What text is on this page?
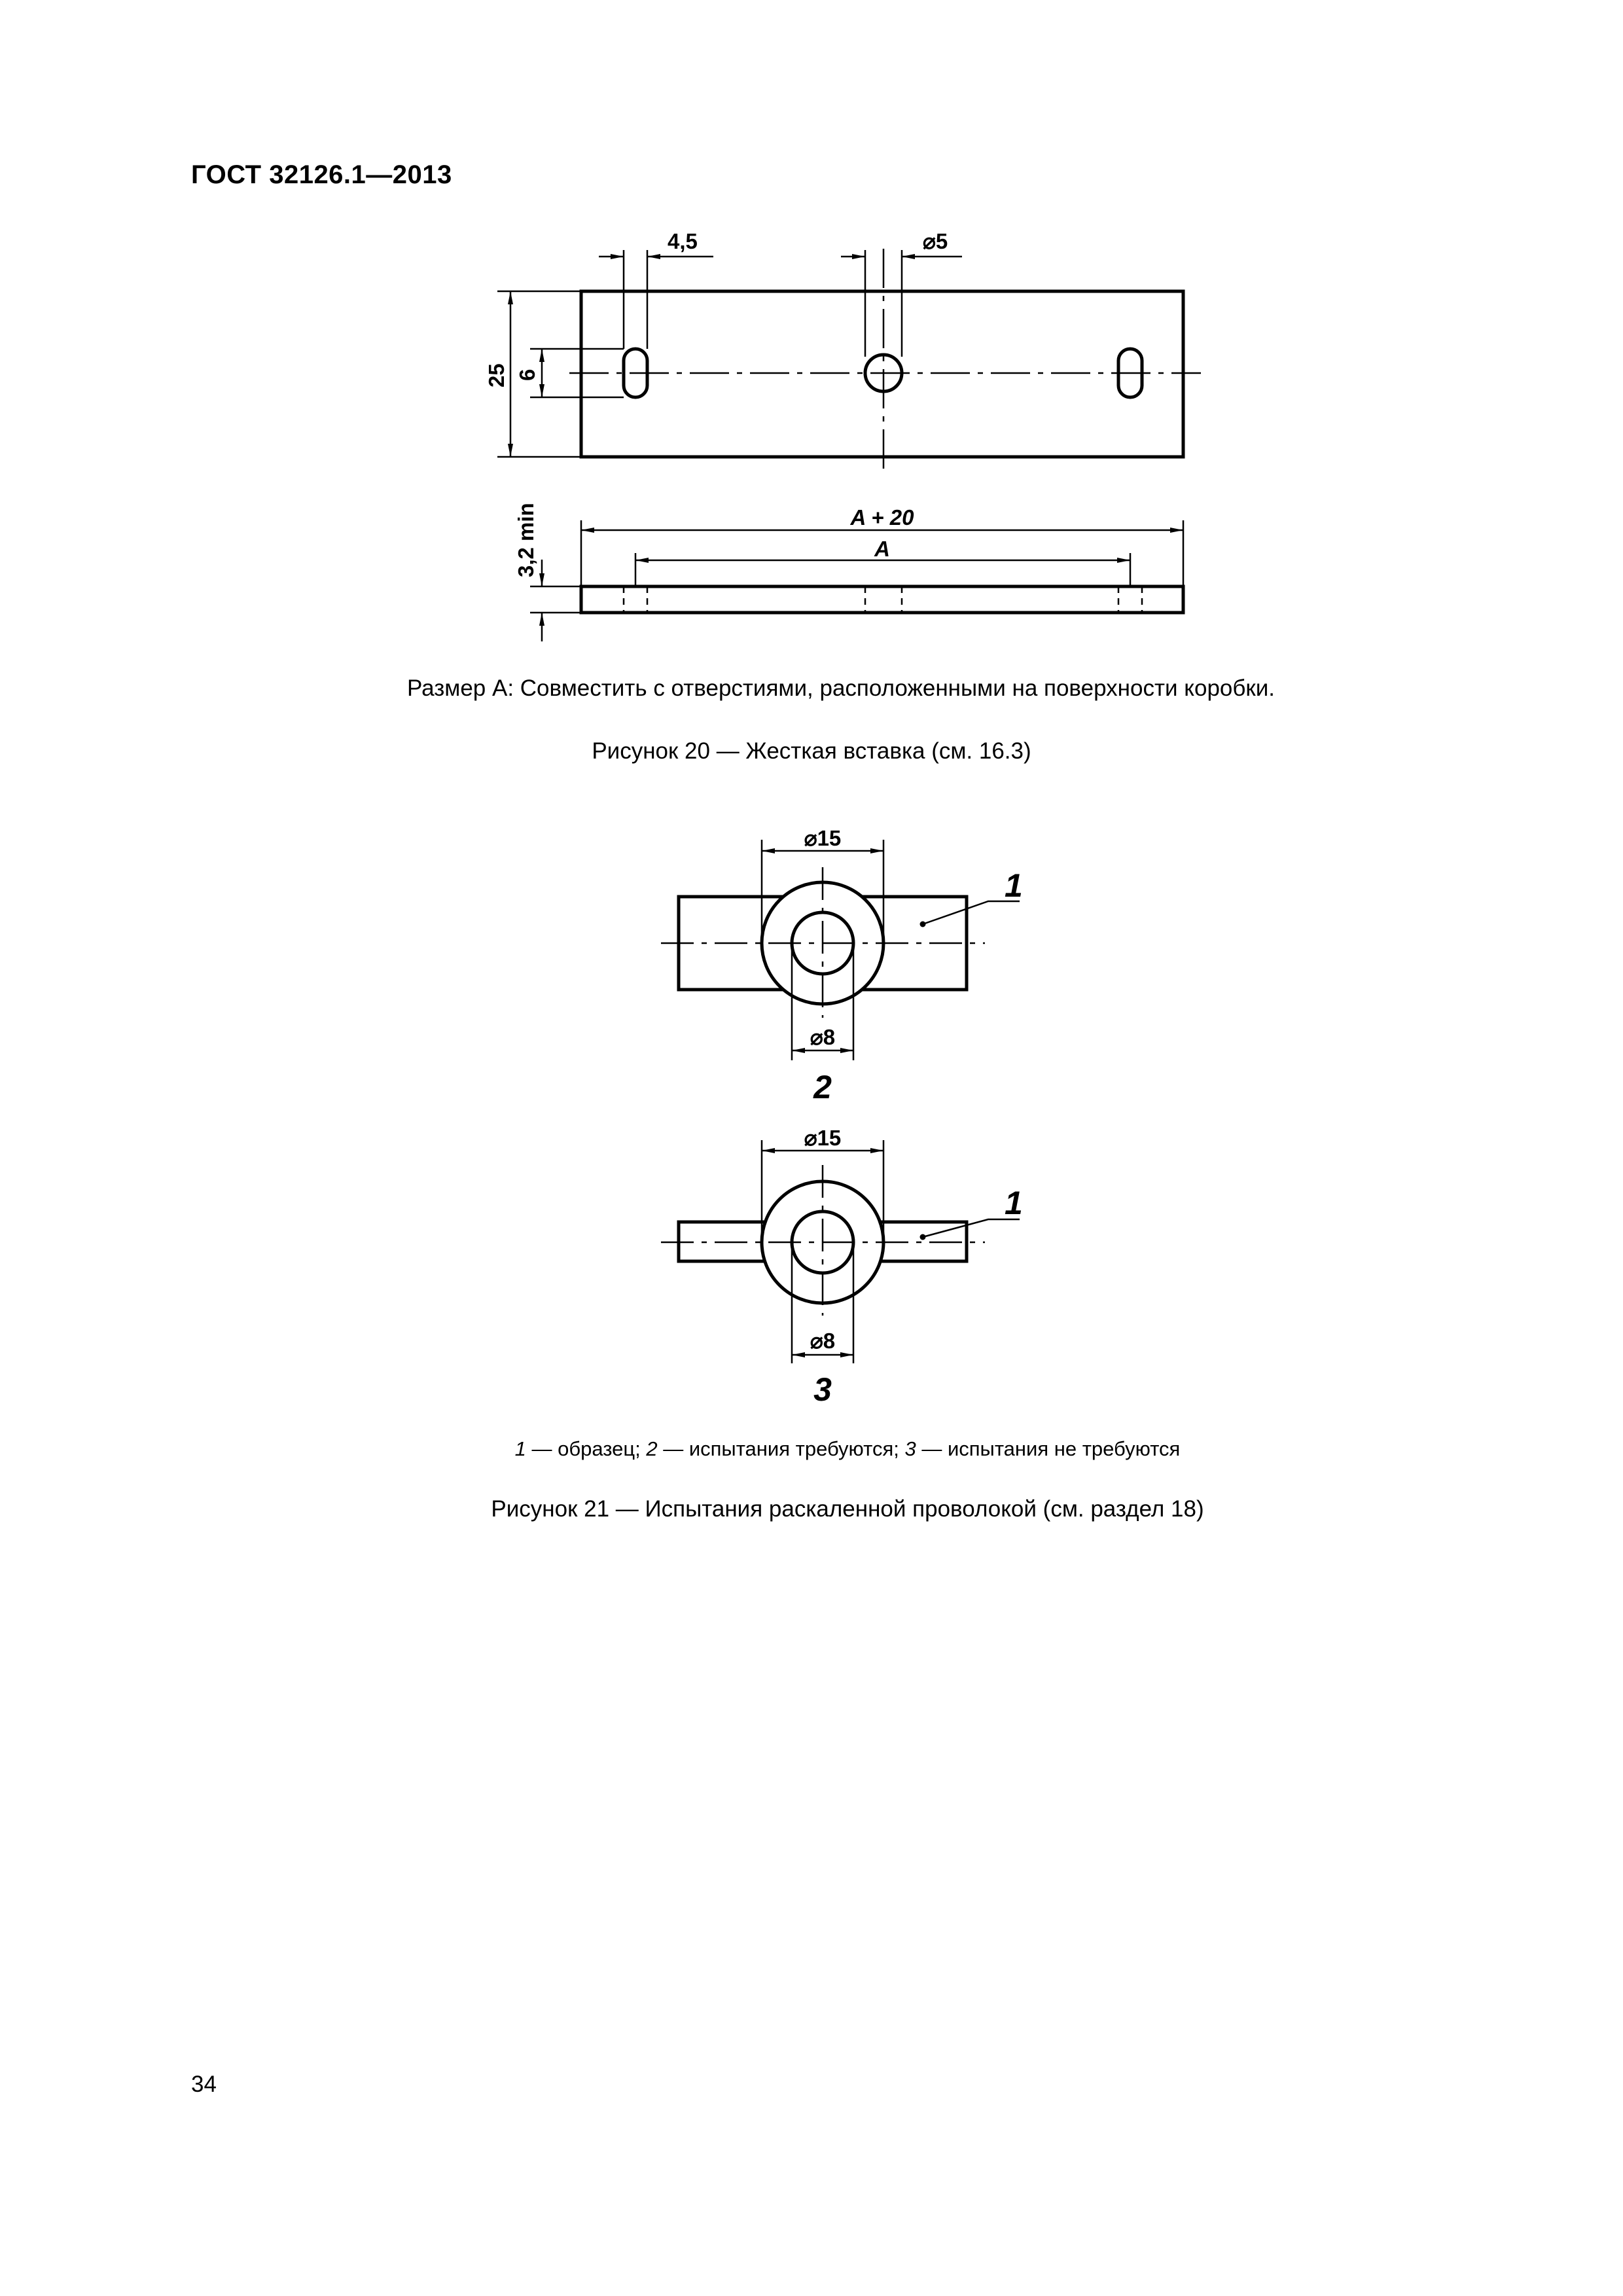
ГОСТ 32126.1—2013
4,5	⌀5
25 6
3,2 min	A + 20
A
⌀15
⌀8
1
2
⌀15
⌀8
1
3
Размер А: Совместить с отверстиями, расположенными на поверхности коробки.
Рисунок 20 — Жесткая вставка (см. 16.3)
1 — образец; 2 — испытания требуются; 3 — испытания не требуются
Рисунок 21 — Испытания раскаленной проволокой (см. раздел 18)
34
